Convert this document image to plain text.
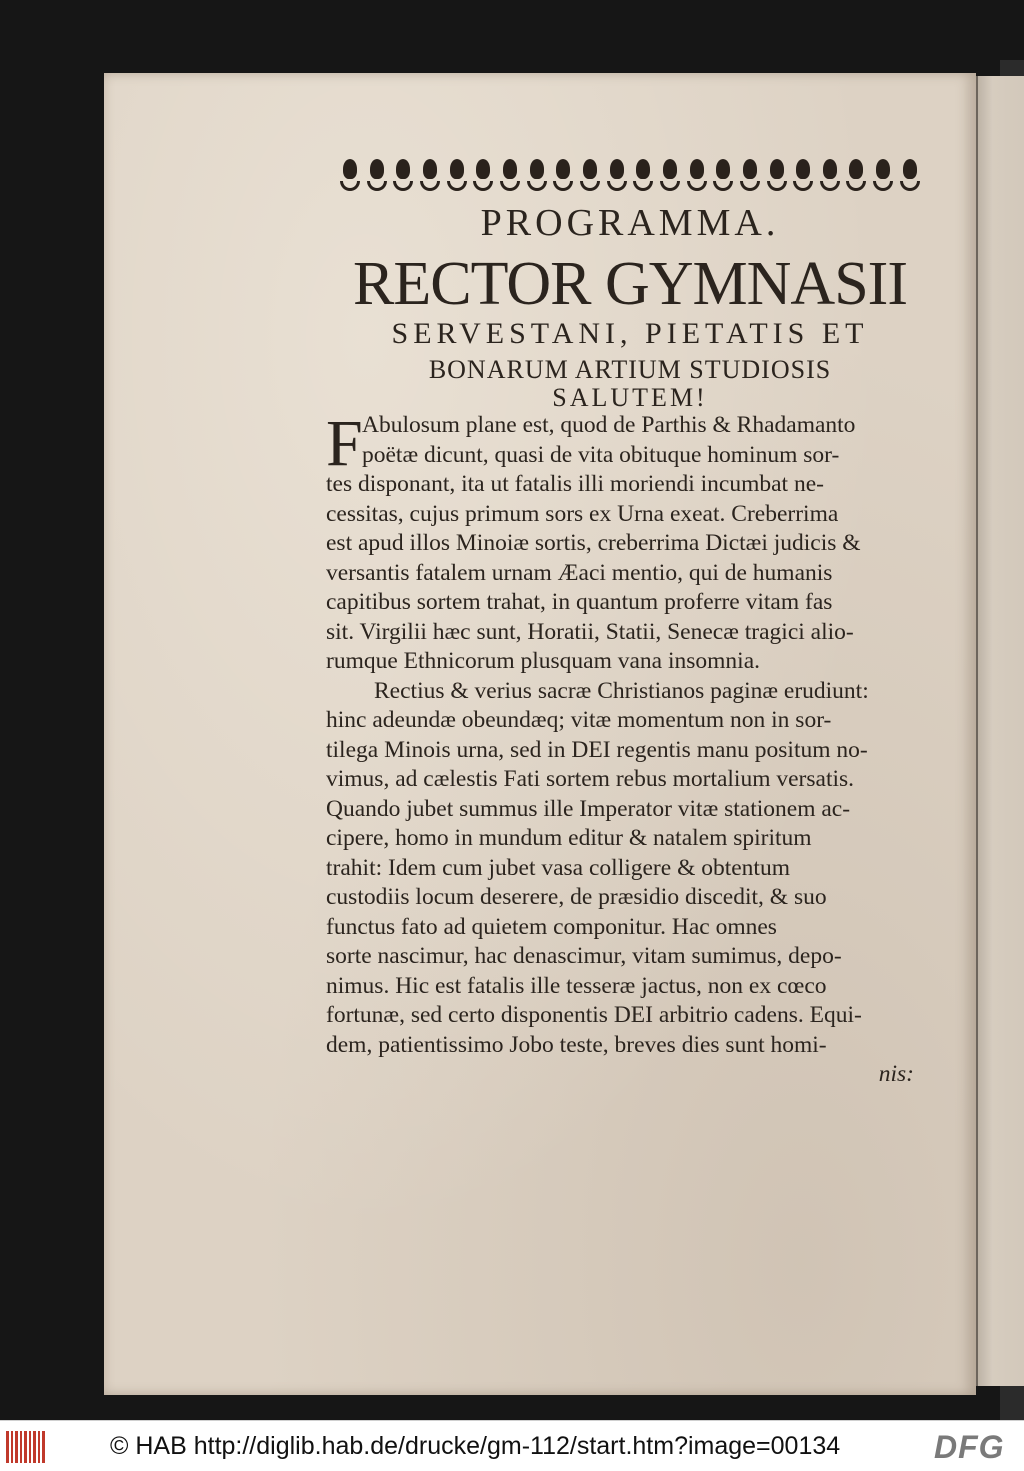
PROGRAMMA.
RECTOR GYMNASII
SERVESTANI, PIETATIS ET
BONARUM ARTIUM STUDIOSIS
SALUTEM!
F Abulosum plane est, quod de Parthis & Rhadamanto
poëtæ dicunt, quasi de vita obituque hominum sor-
tes disponant, ita ut fatalis illi moriendi incumbat ne-
cessitas, cujus primum sors ex Urna exeat. Creberrima
est apud illos Minoiæ sortis, creberrima Dictæi judicis &
versantis fatalem urnam Æaci mentio, qui de humanis
capitibus sortem trahat, in quantum proferre vitam fas
sit. Virgilii hæc sunt, Horatii, Statii, Senecæ tragici alio-
rumque Ethnicorum plusquam vana insomnia.
Rectius & verius sacræ Christianos paginæ erudiunt:
hinc adeundæ obeundæq; vitæ momentum non in sor-
tilega Minois urna, sed in DEI regentis manu positum no-
vimus, ad cælestis Fati sortem rebus mortalium versatis.
Quando jubet summus ille Imperator vitæ stationem ac-
cipere, homo in mundum editur & natalem spiritum
trahit: Idem cum jubet vasa colligere & obtentum
custodiis locum deserere, de præsidio discedit, & suo
functus fato ad quietem componitur. Hac omnes
sorte nascimur, hac denascimur, vitam sumimus, depo-
nimus. Hic est fatalis ille tesseræ jactus, non ex cœco
fortunæ, sed certo disponentis DEI arbitrio cadens. Equi-
dem, patientissimo Jobo teste, breves dies sunt homi-
nis:
© HAB http://diglib.hab.de/drucke/gm-112/start.htm?image=00134	DFG
